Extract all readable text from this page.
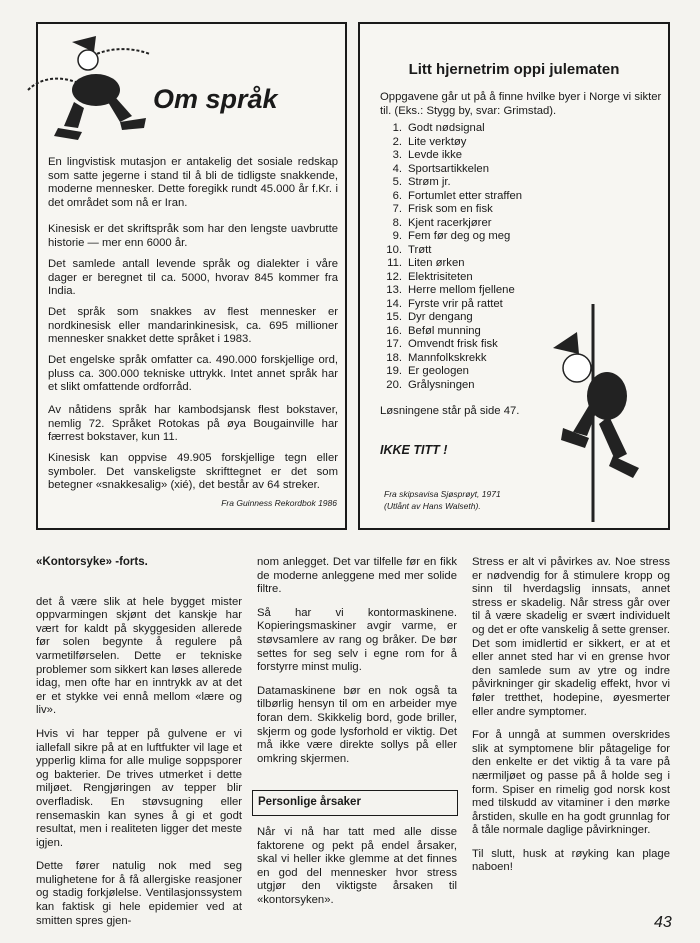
Om språk

En lingvistisk mutasjon er antakelig det sosiale redskap som satte jegerne i stand til å bli de tidligste snakkende, moderne mennesker. Dette foregikk rundt 45.000 år f.Kr. i det området som nå er Iran.

Kinesisk er det skriftspråk som har den lengste uavbrutte historie — mer enn 6000 år.

Det samlede antall levende språk og dialekter i våre dager er beregnet til ca. 5000, hvorav 845 kommer fra India.

Det språk som snakkes av flest mennesker er nordkinesisk eller mandarinkinesisk, ca. 695 millioner mennesker snakket dette språket i 1983.

Det engelske språk omfatter ca. 490.000 forskjellige ord, pluss ca. 300.000 tekniske uttrykk. Intet annet språk har et slikt omfattende ordforråd.

Av nåtidens språk har kambodsjansk flest bokstaver, nemlig 72. Språket Rotokas på øya Bougainville har færrest bokstaver, kun 11.

Kinesisk kan oppvise 49.905 forskjellige tegn eller symboler. Det vanskeligste skrifttegnet er det som betegner «snakkesalig» (xié), det består av 64 streker.

Fra Guinness Rekordbok 1986
Litt hjernetrim oppi julematen

Oppgavene går ut på å finne hvilke byer i Norge vi sikter til. (Eks.: Stygg by, svar: Grimstad).

1. Godt nødsignal
2. Lite verktøy
3. Levde ikke
4. Sportsartikkelen
5. Strøm jr.
6. Fortumlet etter straffen
7. Frisk som en fisk
8. Kjent racerkjører
9. Fem før deg og meg
10. Trøtt
11. Liten ørken
12. Elektrisiteten
13. Herre mellom fjellene
14. Fyrste vrir på rattet
15. Dyr dengang
16. Beføl munning
17. Omvendt frisk fisk
18. Mannfolkskrekk
19. Er geologen
20. Grålysningen

Løsningene står på side 47.

IKKE TITT !
Fra skipsavisa Sjøsprøyt, 1971
(Utlånt av Hans Walseth).
«Kontorsyke» -forts.

det å være slik at hele bygget mister oppvarmingen skjønt det kanskje har vært for kaldt på skyggesiden allerede før solen begynte å regulere på varmetilførselen. Dette er tekniske problemer som sikkert kan løses allerede idag, men ofte har en inntrykk av at det er et stykke vei ennå mellom «lære og liv».

Hvis vi har tepper på gulvene er vi iallefall sikre på at en luftfukter vil lage et ypperlig klima for alle mulige soppsporer og bakterier. De trives utmerket i dette miljøet. Rengjøringen av tepper blir overfladisk. En støvsugning eller rensemaskin kan synes å gi et godt resultat, men i realiteten ligger det meste igjen.

Dette fører natulig nok med seg mulighetene for å få allergiske reasjoner og stadig forkjølelse. Ventilasjonssystem kan faktisk gi hele epidemier ved at smitten spres gjen-

nom anlegget. Det var tilfelle før en fikk de moderne anleggene med mer solide filtre.

Så har vi kontormaskinene. Kopieringsmaskiner avgir varme, er støvsamlere av rang og bråker. De bør settes for seg selv i egne rom for å forstyrre minst mulig.

Datamaskinene bør en nok også ta tilbørlig hensyn til om en arbeider mye foran dem. Skikkelig bord, gode briller, skjerm og gode lysforhold er viktig. Det må ikke være direkte sollys på eller omkring skjermen.

Personlige årsaker

Når vi nå har tatt med alle disse faktorene og pekt på endel årsaker, skal vi heller ikke glemme at det finnes en god del mennesker hvor stress utgjør den viktigste årsaken til «kontorsyken».

Stress er alt vi påvirkes av. Noe stress er nødvendig for å stimulere kropp og sinn til hverdagslig innsats, annet stress er skadelig. Når stress går over til å være skadelig er svært individuelt og det er ofte vanskelig å sette grenser. Det som imidlertid er sikkert, er at et eller annet sted har vi en grense hvor den samlede sum av ytre og indre påvirkninger gir skadelig effekt, hvor vi føler tretthet, hodepine, øyesmerter eller andre symptomer.

For å unngå at summen overskrides slik at symptomene blir påtagelige for den enkelte er det viktig å ta vare på nærmiljøet og passe på å holde seg i form. Spiser en rimelig god norsk kost med tilskudd av vitaminer i den mørke årstiden, skulle en ha godt grunnlag for å tåle normale daglige påvirkninger.

Til slutt, husk at røyking kan plage naboen!

43
